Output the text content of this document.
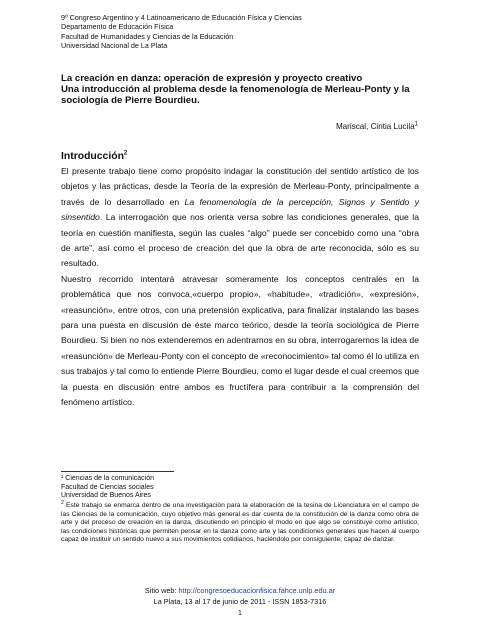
9º Congreso Argentino y 4 Latinoamericano de Educación Física y Ciencias
Departamento de Educación Física
Facultad de Humanidades y Ciencias de la Educación
Universidad Nacional de La Plata
La creación en danza: operación de expresión y proyecto creativo
Una introducción al problema desde la fenomenología de Merleau-Ponty y la
sociología de Pierre Bourdieu.
Mariscal, Cintia Lucila$^1$
Introducción$^2$

El presente trabajo tiene como propósito indagar la constitución del sentido artístico de los objetos y las prácticas, desde la Teoría de la expresión de Merleau-Ponty, principalmente a través de lo desarrollado en La fenomenología de la percepción, Signos y Sentido y sinsentido. La interrogación que nos orienta versa sobre las condiciones generales, que la teoría en cuestión manifiesta, según las cuales “algo” puede ser concebido como una “obra de arte”, así como el proceso de creación del que la obra de arte reconocida, sólo es su resultado.

Nuestro recorrido intentará atravesar someramente los conceptos centrales en la problemática que nos convoca,«cuerpo propio», «habitude», «tradición», «expresión», «reasunción», entre otros, con una pretensión explicativa, para finalizar instalando las bases para una puesta en discusión de éste marco teórico, desde la teoría sociológica de Pierre Bourdieu. Si bien no nos extenderemos en adentrarnos en su obra, interrogaremos la idea de «reasunción» de Merleau-Ponty con el concepto de «reconocimiento» tal como él lo utiliza en sus trabajos y tal como lo entiende Pierre Bourdieu, como el lugar desde el cual creemos que la puesta en discusión entre ambos es fructífera para contribuir a la comprensión del fenómeno artístico.

¹ Ciencias de la comunicación
Facultad de Ciencias sociales
Universidad de Buenos Aires
$^2$ Este trabajo se enmarca dentro de una investigación para la elaboración de la tesina de Licenciatura en el campo de las Ciencias de la comunicación, cuyo objetivo más general es dar cuenta de la constitución de la danza como obra de arte y del proceso de creación en la danza, discutiendo en principio el modo en que algo se constituye como artístico, las condiciones históricas que permiten pensar en la danza como arte y las condiciones generales que hacen al cuerpo capaz de instituir un sentido nuevo a sus movimientos cotidianos, haciéndolo por consiguiente, capaz de danzar.
Sitio web: http://congresoeducacionfisica.fahce.unlp.edu.ar
La Plata, 13 al 17 de junio de 2011 - ISSN 1853-7316
1
